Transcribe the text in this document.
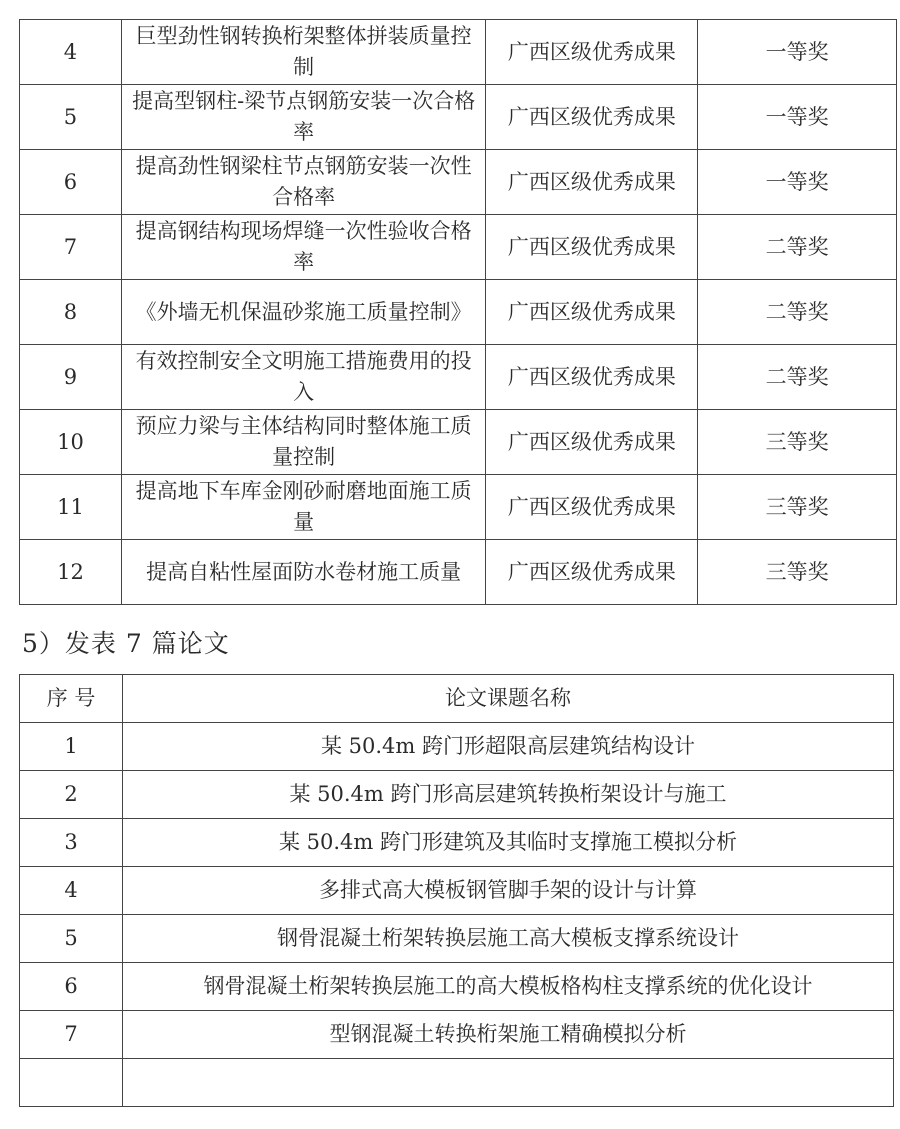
4	巨型劲性钢转换桁架整体拼装质量控制	广西区级优秀成果	一等奖
5	提高型钢柱-梁节点钢筋安装一次合格率	广西区级优秀成果	一等奖
6	提高劲性钢梁柱节点钢筋安装一次性合格率	广西区级优秀成果	一等奖
7	提高钢结构现场焊缝一次性验收合格率	广西区级优秀成果	二等奖
8	《外墙无机保温砂浆施工质量控制》	广西区级优秀成果	二等奖
9	有效控制安全文明施工措施费用的投入	广西区级优秀成果	二等奖
10	预应力梁与主体结构同时整体施工质量控制	广西区级优秀成果	三等奖
11	提高地下车库金刚砂耐磨地面施工质量	广西区级优秀成果	三等奖
12	提高自粘性屋面防水卷材施工质量	广西区级优秀成果	三等奖
5）发表 7 篇论文
序 号	论文课题名称
1	某 50.4m 跨门形超限高层建筑结构设计
2	某 50.4m 跨门形高层建筑转换桁架设计与施工
3	某 50.4m 跨门形建筑及其临时支撑施工模拟分析
4	多排式高大模板钢管脚手架的设计与计算
5	钢骨混凝土桁架转换层施工高大模板支撑系统设计
6	钢骨混凝土桁架转换层施工的高大模板格构柱支撑系统的优化设计
7	型钢混凝土转换桁架施工精确模拟分析
